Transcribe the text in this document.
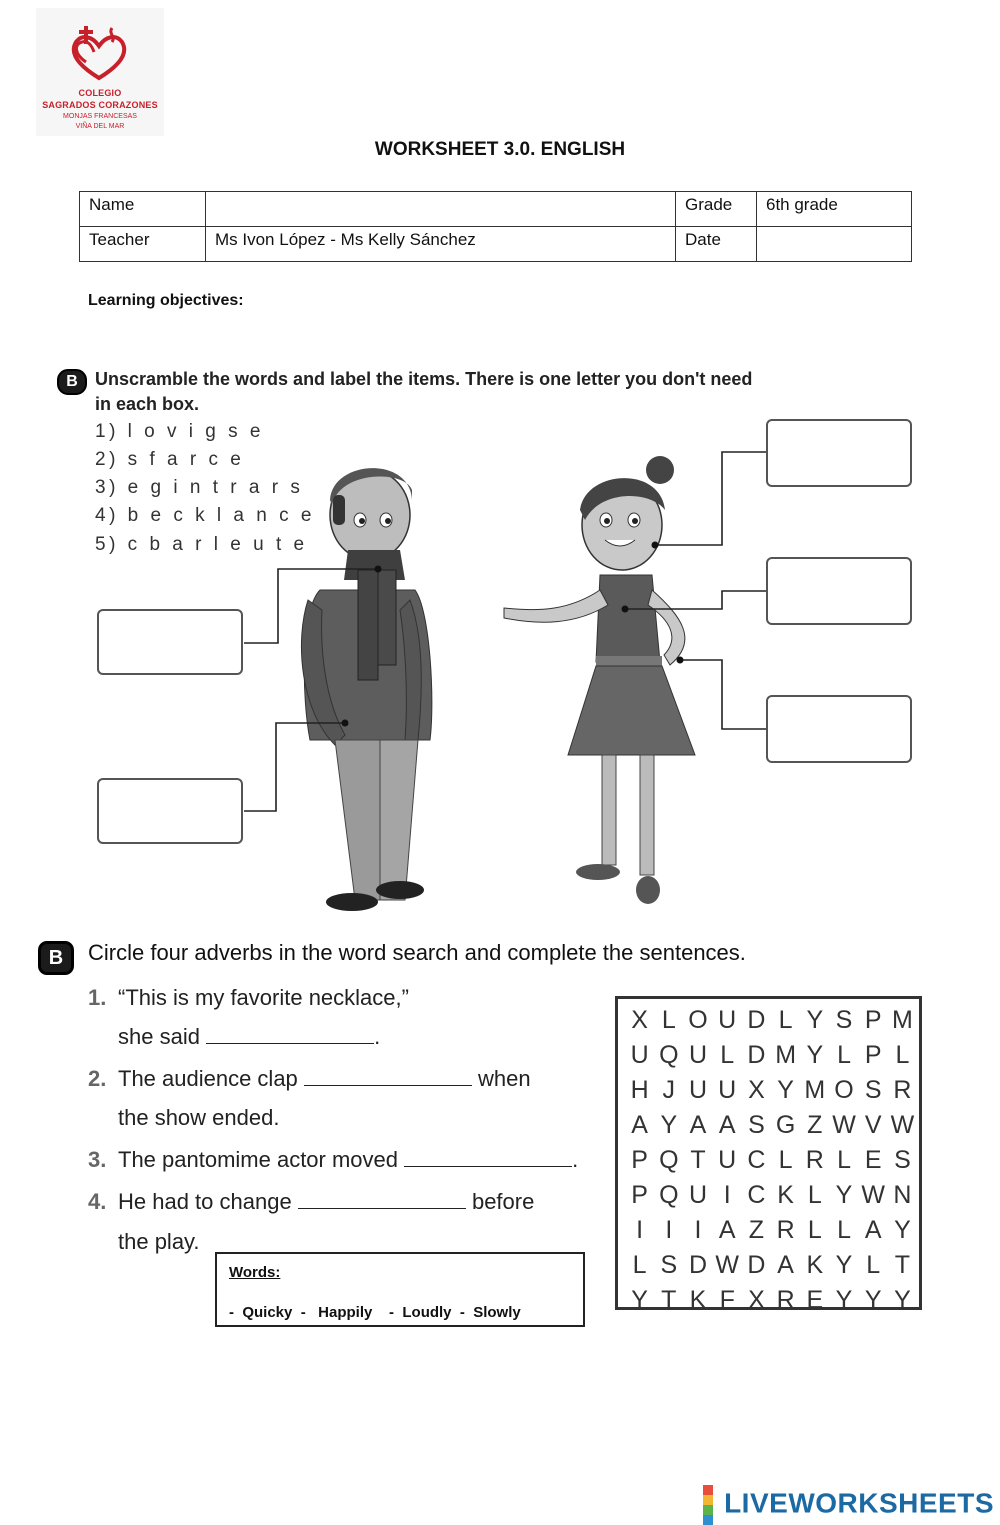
COLEGIO
SAGRADOS CORAZONES
MONJAS FRANCESAS
VIÑA DEL MAR
WORKSHEET 3.0. ENGLISH
Name		Grade	6th grade
Teacher	Ms Ivon López - Ms Kelly Sánchez	Date	
Learning objectives:
B Unscramble the words and label the items. There is one letter you don't need
in each box.
1) l o v i g s e
2) s f a r c e
3) e g i n t r a r s
4) b e c k l a n c e
5) c b a r l e u t e
B	Circle four adverbs in the word search and complete the sentences.
1. “This is my favorite necklace,”
she said	.
2. The audience clap	when
the show ended.
3. The pantomime actor moved	.
4. He had to change	before
the play.
Words:
-  Quicky  -   Happily    -  Loudly  -  Slowly
X L O U D L Y S P M
U Q U L D M Y L P L
H J U U X Y M O S R
A Y A A S G Z W V W
P Q T U C L R L E S
P Q U I C K L Y W N
I I I A Z R L L A Y
L S D W D A K Y L T
Y T K F X R E Y Y Y

LIVEWORKSHEETS
